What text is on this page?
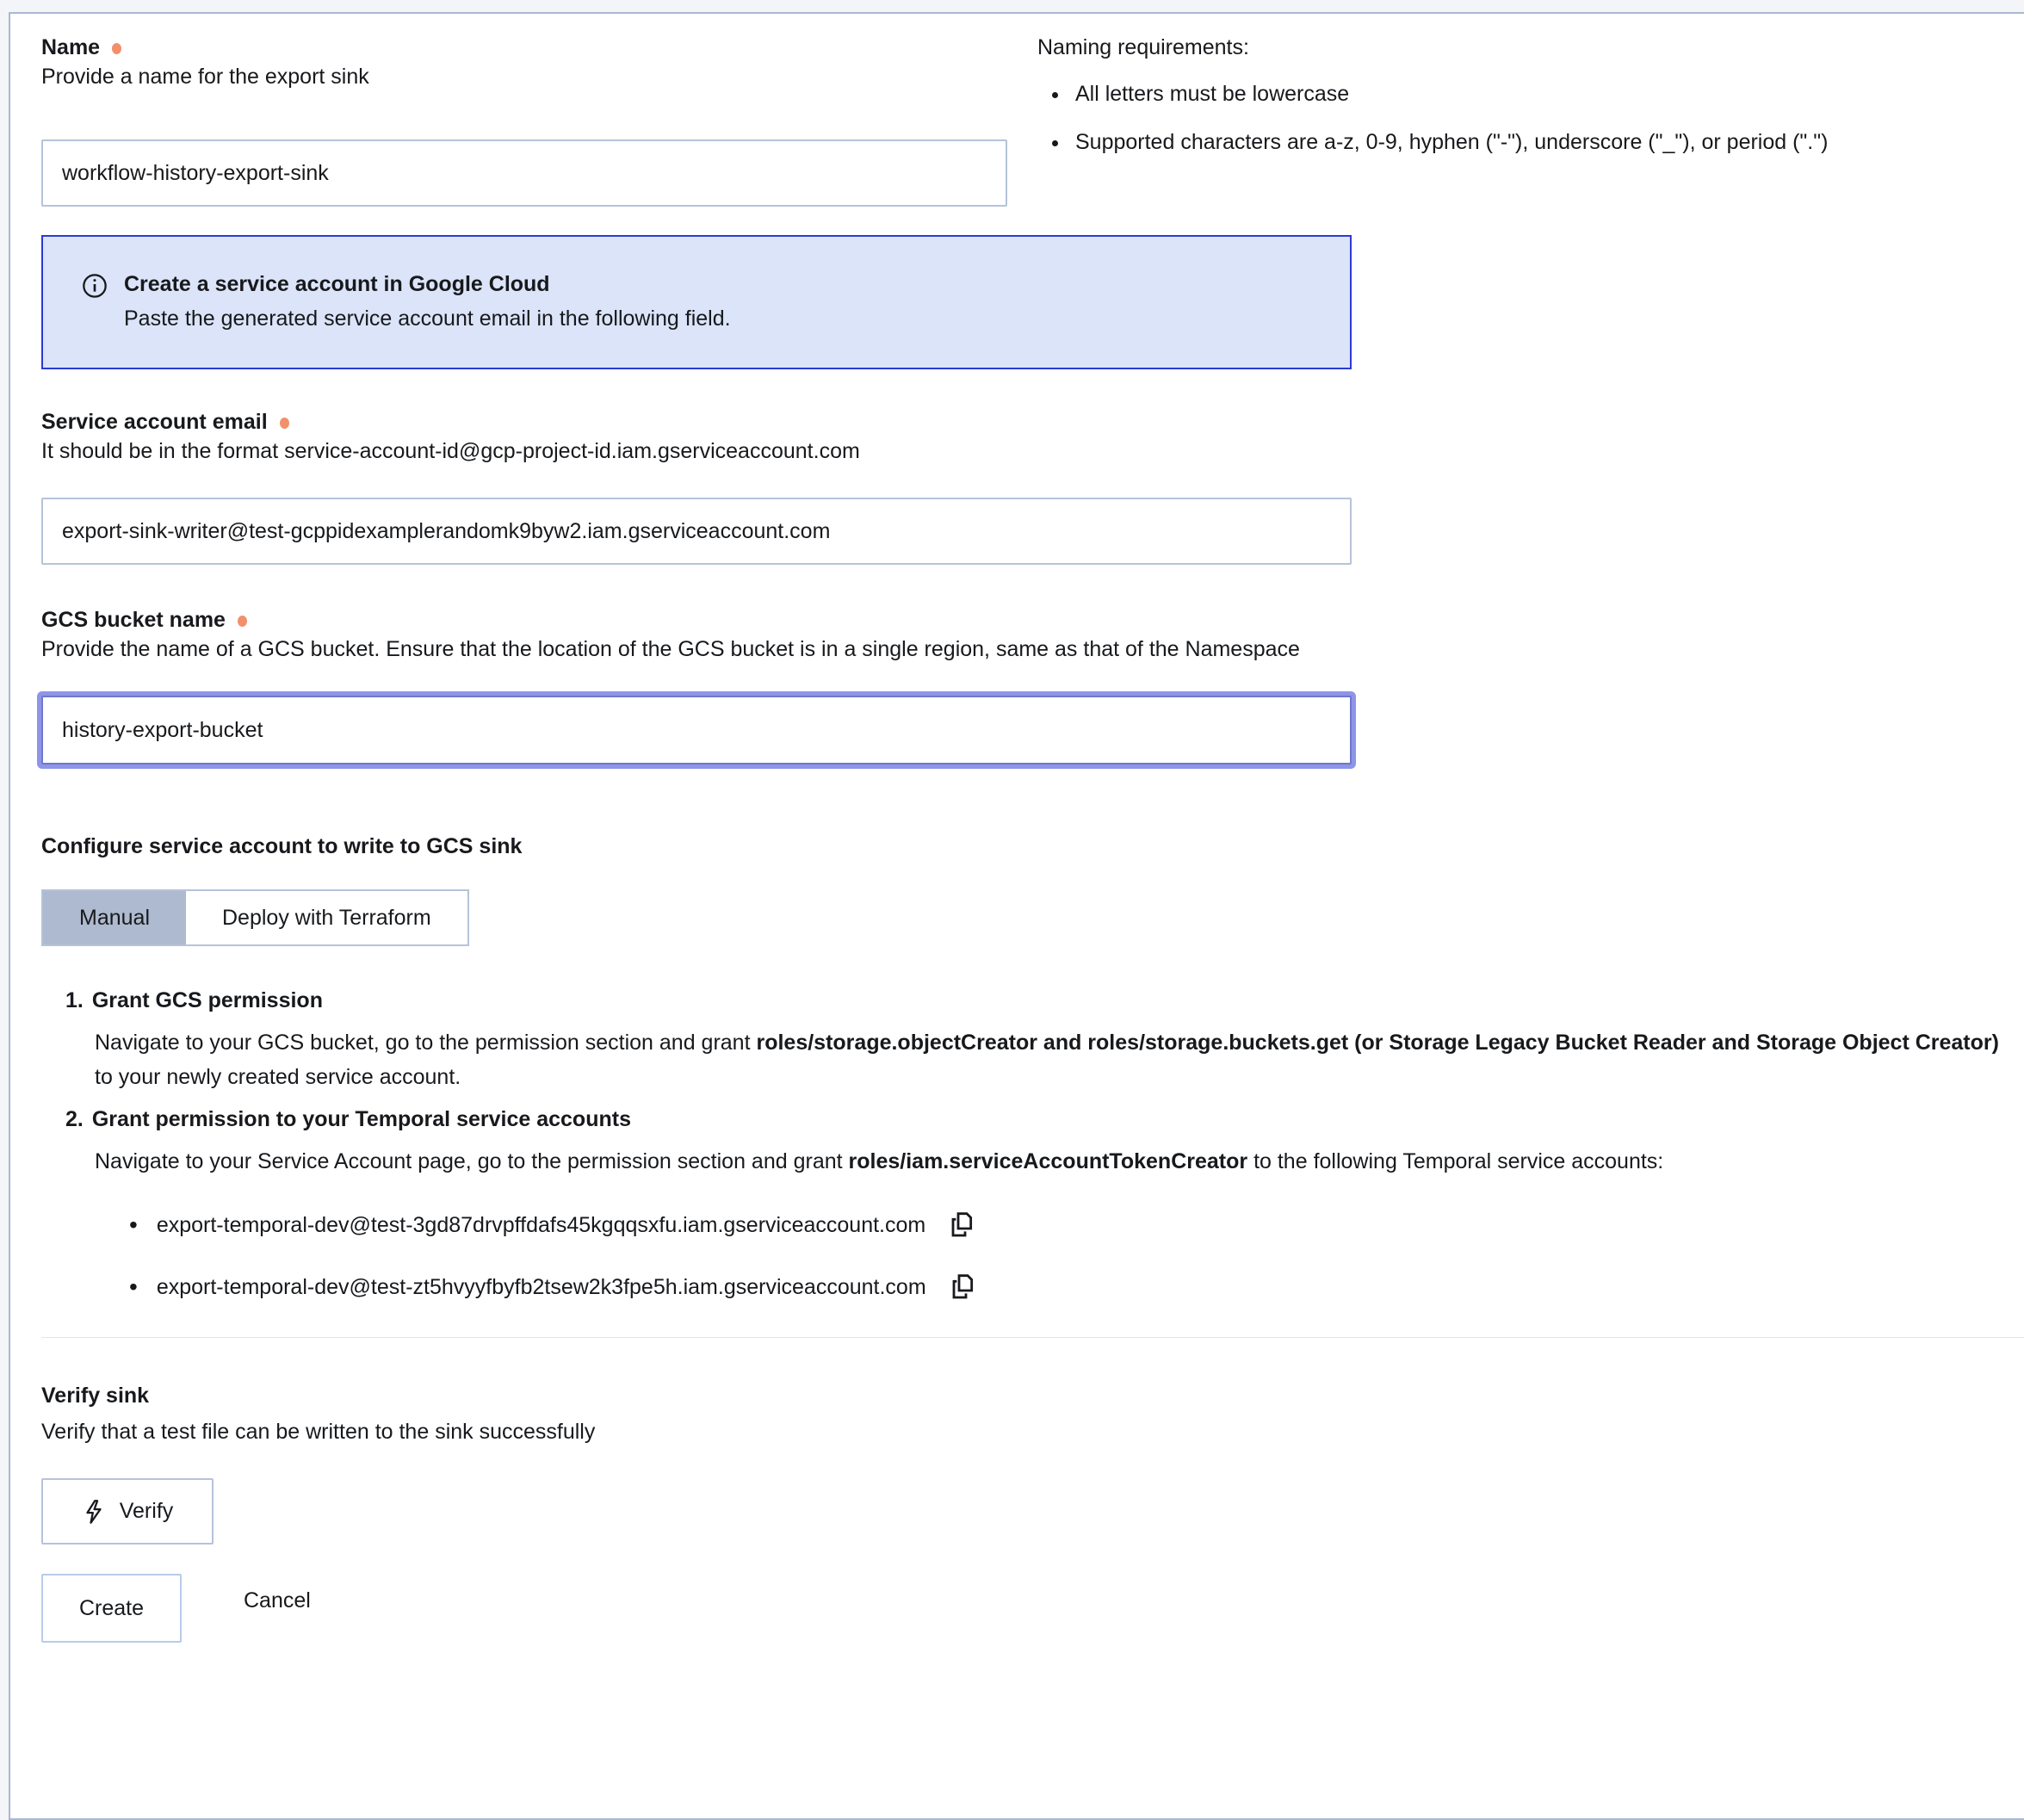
Name
Provide a name for the export sink
workflow-history-export-sink
Naming requirements:
• All letters must be lowercase
• Supported characters are a-z, 0-9, hyphen ("-"), underscore ("_"), or period (".")
Create a service account in Google Cloud
Paste the generated service account email in the following field.
Service account email
It should be in the format service-account-id@gcp-project-id.iam.gserviceaccount.com
export-sink-writer@test-gcppidexamplerandomk9byw2.iam.gserviceaccount.com
GCS bucket name
Provide the name of a GCS bucket. Ensure that the location of the GCS bucket is in a single region, same as that of the Namespace
history-export-bucket
Configure service account to write to GCS sink
Manual	Deploy with Terraform
1. Grant GCS permission

Navigate to your GCS bucket, go to the permission section and grant roles/storage.objectCreator and roles/storage.buckets.get (or Storage Legacy Bucket Reader and Storage Object Creator) to your newly created service account.

2. Grant permission to your Temporal service accounts

Navigate to your Service Account page, go to the permission section and grant roles/iam.serviceAccountTokenCreator to the following Temporal service accounts:

• export-temporal-dev@test-3gd87drvpffdafs45kgqqsxfu.iam.gserviceaccount.com
• export-temporal-dev@test-zt5hvyyfbyfb2tsew2k3fpe5h.iam.gserviceaccount.com
Verify sink
Verify that a test file can be written to the sink successfully
Verify
Create	Cancel
